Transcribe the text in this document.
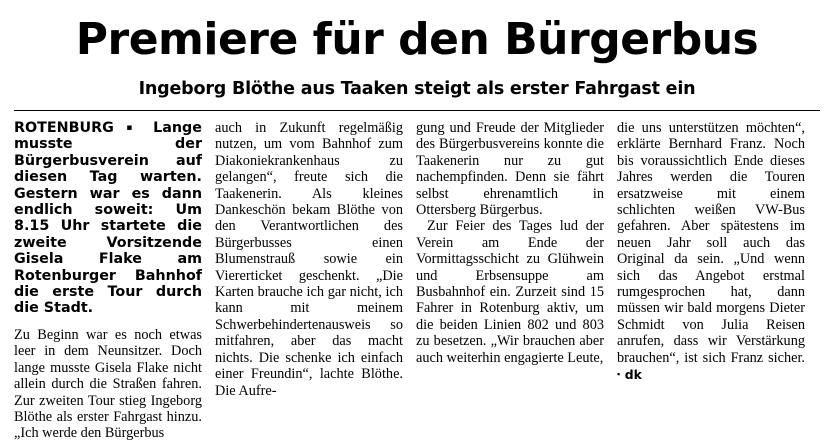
Premiere für den Bürgerbus
Ingeborg Blöthe aus Taaken steigt als erster Fahrgast ein

ROTENBURG ▪ Lange musste der Bürgerbusverein auf diesen Tag warten. Gestern war es dann endlich soweit: Um 8.15 Uhr startete die zweite Vorsitzende Gisela Flake am Rotenburger Bahnhof die erste Tour durch die Stadt.

Zu Beginn war es noch etwas leer in dem Neunsitzer. Doch lange musste Gisela Flake nicht allein durch die Straßen fahren. Zur zweiten Tour stieg Ingeborg Blöthe als erster Fahrgast hinzu. „Ich werde den Bürgerbus

auch in Zukunft regelmäßig nutzen, um vom Bahnhof zum Diakoniekrankenhaus zu gelangen“, freute sich die Taakenerin. Als kleines Dankeschön bekam Blöthe von den Verantwortlichen des Bürgerbusses einen Blumenstrauß sowie ein Viererticket geschenkt. „Die Karten brauche ich gar nicht, ich kann mit meinem Schwerbehindertenausweis so mitfahren, aber das macht nichts. Die schenke ich einfach einer Freundin“, lachte Blöthe. Die Aufre-

gung und Freude der Mitglieder des Bürgerbusvereins konnte die Taakenerin nur zu gut nachempfinden. Denn sie fährt selbst ehrenamtlich in Ottersberg Bürgerbus.

Zur Feier des Tages lud der Verein am Ende der Vormittagsschicht zu Glühwein und Erbsensuppe am Busbahnhof ein. Zurzeit sind 15 Fahrer in Rotenburg aktiv, um die beiden Linien 802 und 803 zu besetzen. „Wir brauchen aber auch weiterhin engagierte Leute,

die uns unterstützen möchten“, erklärte Bernhard Franz. Noch bis voraussichtlich Ende dieses Jahres werden die Touren ersatzweise mit einem schlichten weißen VW-Bus gefahren. Aber spätestens im neuen Jahr soll auch das Original da sein. „Und wenn sich das Angebot erstmal rumgesprochen hat, dann müssen wir bald morgens Dieter Schmidt von Julia Reisen anrufen, dass wir Verstärkung brauchen“, ist sich Franz sicher. ▪ dk
